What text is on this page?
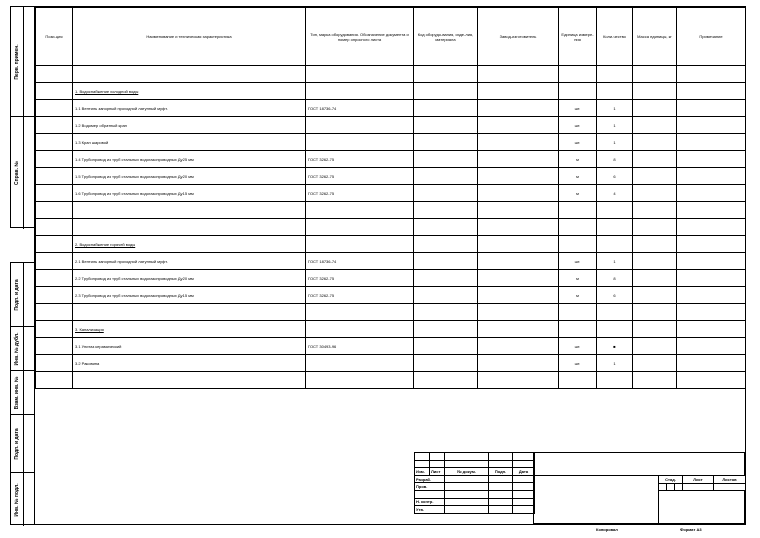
Перв. примен.
Справ. №
Подп. и дата
Инв. № дубл.
Взам. инв. №
Подп. и дата
Инв. № подл.
Пози-ция	Наименование и техническая характеристика	Тип, марка оборудования. Обозначение документа и номер опросного листа	Код оборудо-вания, изде-лия, материала	Завод-изготовитель	Единица измере-ния	Коли-чество	Масса единицы, кг	Примечание

	1. Водоснабжение холодной воды							
	1.1 Вентиль запорный проходной латунный муфт.	ГОСТ 18736-74			шт.	1		
	1.2 Водомер обратный кран				шт.	1		
	1.3 Кран шаровой				шт.	1		
	1.4 Трубопровод из труб стальных водогазопроводных Ду25 мм	ГОСТ 3262-75			м	8		
	1.5 Трубопровод из труб стальных водогазопроводных Ду20 мм	ГОСТ 3262-75			м	6		
	1.6 Трубопровод из труб стальных водогазопроводных Ду15 мм	ГОСТ 3262-75			м	4		

	2. Водоснабжение горячей воды							
	2.1 Вентиль запорный проходной латунный муфт.	ГОСТ 18736-74			шт.	1		
	2.2 Трубопровод из труб стальных водогазопроводных Ду20 мм	ГОСТ 3262-75			м	8		
	2.3 Трубопровод из труб стальных водогазопроводных Ду15 мм	ГОСТ 3262-75			м	6		

	3. Канализация							
	3.1 Унитаз керамический	ГОСТ 30493-96			шт.	■		
	3.2 Раковина				шт.	1		

Изм.	Лист	№ докум.	Подп.	Дата
Разраб.				
Пров.				

Н. контр.				
Утв.				
Стад.			Лист	Листов

Копировал	Формат А3
